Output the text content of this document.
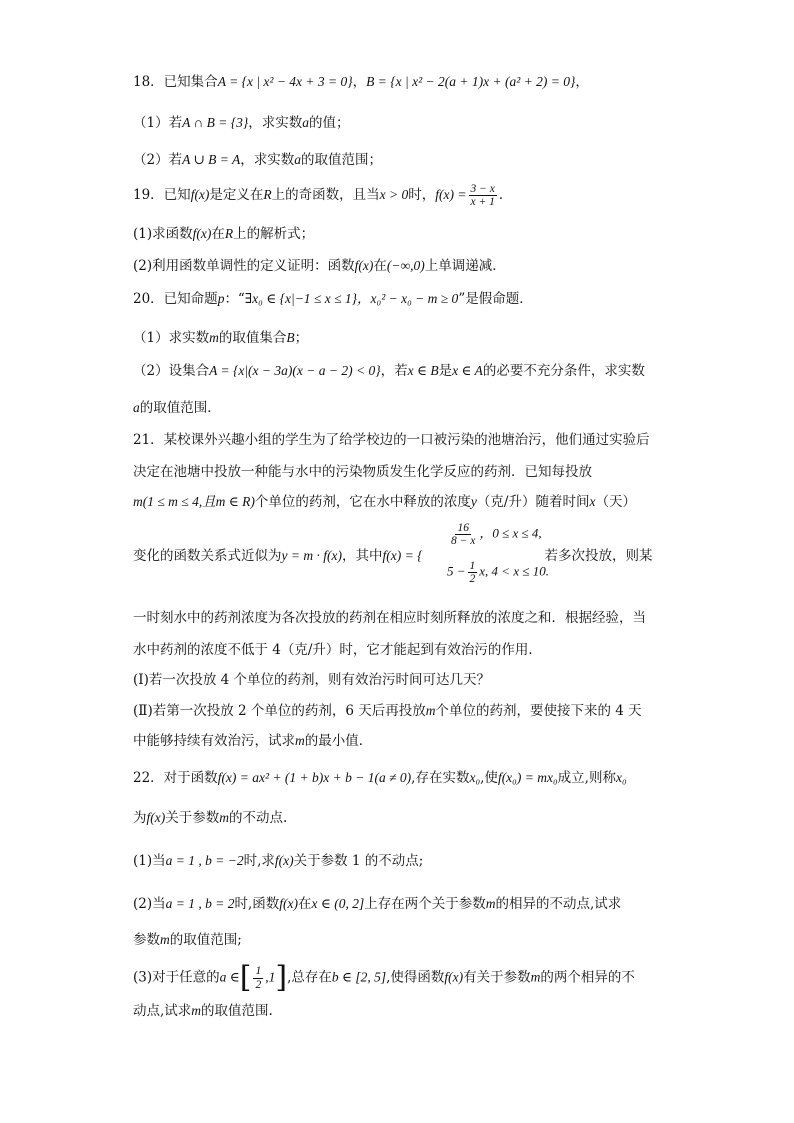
18．已知集合A = {x | x² − 4x + 3 = 0}，B = {x | x² − 2(a + 1)x + (a² + 2) = 0}，
（1）若A ∩ B = {3}，求实数a的值；
（2）若A ∪ B = A，求实数a的取值范围；
19．已知f(x)是定义在R上的奇函数，且当x > 0时，$f(x) = \frac{3 - x}{x + 1}$ ．
(1)求函数f(x)在R上的解析式；
(2)利用函数单调性的定义证明：函数f(x)在(−∞,0)上单调递减．
20．已知命题p：“∃x₀ ∈ {x|−1 ≤ x ≤ 1}，x₀² − x₀ − m ≥ 0”是假命题．
（1）求实数m的取值集合B；
（2）设集合A = {x|(x − 3a)(x − a − 2) < 0}，若x ∈ B是x ∈ A的必要不充分条件，求实数
a的取值范围．
21．某校课外兴趣小组的学生为了给学校边的一口被污染的池塘治污，他们通过实验后
决定在池塘中投放一种能与水中的污染物质发生化学反应的药剂．已知每投放
m(1 ≤ m ≤ 4,且m ∈ R)个单位的药剂，它在水中释放的浓度y（克/升）随着时间x（天）
变化的函数关系式近似为y = m · f(x)，其中f(x) = {	若多次投放，则某
$\frac{16}{8 - x}$ ，0 ≤ x ≤ 4,
$5 - \frac{1}{2} x$, 4 < x ≤ 10.
一时刻水中的药剂浓度为各次投放的药剂在相应时刻所释放的浓度之和．根据经验，当
水中药剂的浓度不低于 4（克/升）时，它才能起到有效治污的作用．
(Ⅰ)若一次投放 4 个单位的药剂，则有效治污时间可达几天？
(Ⅱ)若第一次投放 2 个单位的药剂，6 天后再投放m个单位的药剂，要使接下来的 4 天
中能够持续有效治污，试求m的最小值．
22．对于函数f(x) = ax² + (1 + b)x + b − 1(a ≠ 0),存在实数x₀,使f(x₀) = mx₀成立,则称x₀
为f(x)关于参数m的不动点.
(1)当a = 1 , b = −2时,求f(x)关于参数 1 的不动点;
(2)当a = 1 , b = 2时,函数f(x)在x ∈ (0, 2]上存在两个关于参数m的相异的不动点,试求
参数m的取值范围;
(3)对于任意的a ∈[ $\frac{1}{2} ,1$],总存在b ∈ [2, 5],使得函数f(x)有关于参数m的两个相异的不
动点,试求m的取值范围.
